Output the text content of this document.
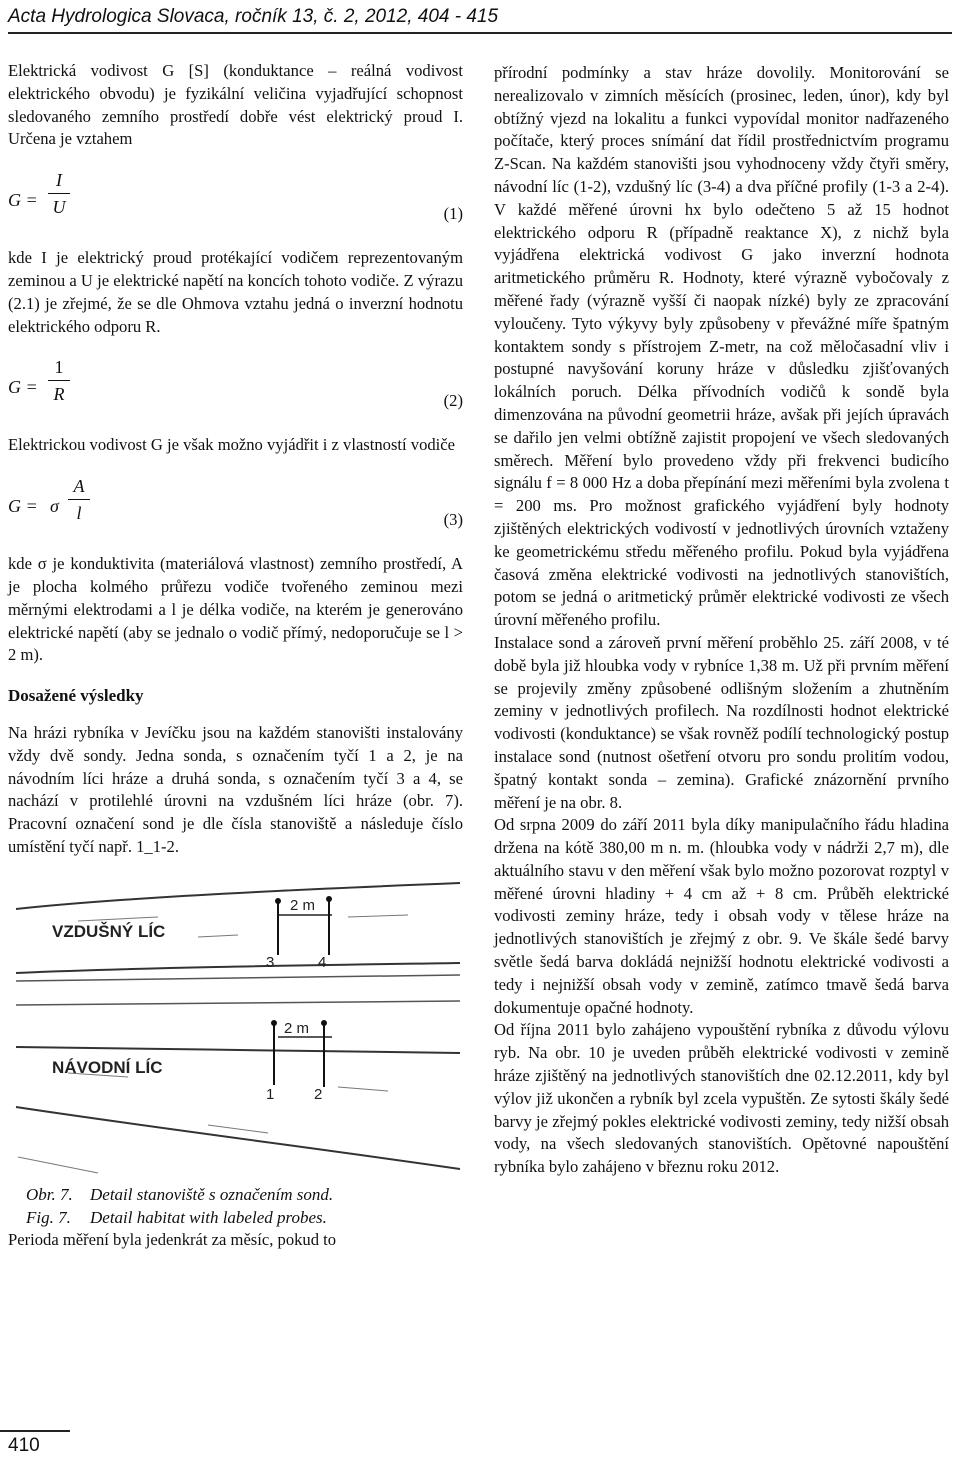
Acta Hydrologica Slovaca, ročník 13, č. 2, 2012, 404 - 415

Elektrická vodivost G [S] (konduktance – reálná vodivost elektrického obvodu) je fyzikální veličina vyjadřující schopnost sledovaného zemního prostředí dobře vést elektrický proud I. Určena je vztahem

G =
I
U	(1)

kde I je elektrický proud protékající vodičem reprezentovaným zeminou a U je elektrické napětí na koncích tohoto vodiče. Z výrazu (2.1) je zřejmé, že se dle Ohmova vztahu jedná o inverzní hodnotu elektrického odporu R.

G =
1
R	(2)

Elektrickou vodivost G je však možno vyjádřit i z vlastností vodiče

G = σ
A
l	(3)

kde σ je konduktivita (materiálová vlastnost) zemního prostředí, A je plocha kolmého průřezu vodiče tvořeného zeminou mezi měrnými elektrodami a l je délka vodiče, na kterém je generováno elektrické napětí (aby se jednalo o vodič přímý, nedoporučuje se l > 2 m).

Dosažené výsledky

Na hrázi rybníka v Jevíčku jsou na každém stanovišti instalovány vždy dvě sondy. Jedna sonda, s označením tyčí 1 a 2, je na návodním líci hráze a druhá sonda, s označením tyčí 3 a 4, se nachází v protilehlé úrovni na vzdušném líci hráze (obr. 7). Pracovní označení sond je dle čísla stanoviště a následuje číslo umístění tyčí např. 1_1-2.

VZDUŠNÝ LÍC
NÁVODNÍ LÍC
2 m
2 m
3	4
1	2
Obr. 7. Detail stanoviště s označením sond.
Fig. 7. Detail habitat with labeled probes.

Perioda měření byla jedenkrát za měsíc, pokud to

přírodní podmínky a stav hráze dovolily. Monitorování se nerealizovalo v zimních měsících (prosinec, leden, únor), kdy byl obtížný vjezd na lokalitu a funkci vypovídal monitor nadřazeného počítače, který proces snímání dat řídil prostřednictvím programu Z-Scan. Na každém stanovišti jsou vyhodnoceny vždy čtyři směry, návodní líc (1-2), vzdušný líc (3-4) a dva příčné profily (1-3 a 2-4). V každé měřené úrovni hx bylo odečteno 5 až 15 hodnot elektrického odporu R (případně reaktance X), z nichž byla vyjádřena elektrická vodivost G jako inverzní hodnota aritmetického průměru R. Hodnoty, které výrazně vybočovaly z měřené řady (výrazně vyšší či naopak nízké) byly ze zpracování vyloučeny. Tyto výkyvy byly způsobeny v převážné míře špatným kontaktem sondy s přístrojem Z-metr, na což měločasadní vliv i postupné navyšování koruny hráze v důsledku zjišťovaných lokálních poruch. Délka přívodních vodičů k sondě byla dimenzována na původní geometrii hráze, avšak při jejích úpravách se dařilo jen velmi obtížně zajistit propojení ve všech sledovaných směrech. Měření bylo provedeno vždy při frekvenci budicího signálu f = 8 000 Hz a doba přepínání mezi měřeními byla zvolena t = 200 ms. Pro možnost grafického vyjádření byly hodnoty zjištěných elektrických vodivostí v jednotlivých úrovních vztaženy ke geometrickému středu měřeného profilu. Pokud byla vyjádřena časová změna elektrické vodivosti na jednotlivých stanovištích, potom se jedná o aritmetický průměr elektrické vodivosti ze všech úrovní měřeného profilu.

Instalace sond a zároveň první měření proběhlo 25. září 2008, v té době byla již hloubka vody v rybníce 1,38 m. Už při prvním měření se projevily změny způsobené odlišným složením a zhutněním zeminy v jednotlivých profilech. Na rozdílnosti hodnot elektrické vodivosti (konduktance) se však rovněž podílí technologický postup instalace sond (nutnost ošetření otvoru pro sondu prolitím vodou, špatný kontakt sonda – zemina). Grafické znázornění prvního měření je na obr. 8.

Od srpna 2009 do září 2011 byla díky manipulačního řádu hladina držena na kótě 380,00 m n. m. (hloubka vody v nádrži 2,7 m), dle aktuálního stavu v den měření však bylo možno pozorovat rozptyl v měřené úrovni hladiny + 4 cm až + 8 cm. Průběh elektrické vodivosti zeminy hráze, tedy i obsah vody v tělese hráze na jednotlivých stanovištích je zřejmý z obr. 9. Ve škále šedé barvy světle šedá barva dokládá nejnižší hodnotu elektrické vodivosti a tedy i nejnižší obsah vody v zemině, zatímco tmavě šedá barva dokumentuje opačné hodnoty.

Od října 2011 bylo zahájeno vypouštění rybníka z důvodu výlovu ryb. Na obr. 10 je uveden průběh elektrické vodivosti v zemině hráze zjištěný na jednotlivých stanovištích dne 02.12.2011, kdy byl výlov již ukončen a rybník byl zcela vypuštěn. Ze sytosti škály šedé barvy je zřejmý pokles elektrické vodivosti zeminy, tedy nižší obsah vody, na všech sledovaných stanovištích. Opětovné napouštění rybníka bylo zahájeno v březnu roku 2012.

410
